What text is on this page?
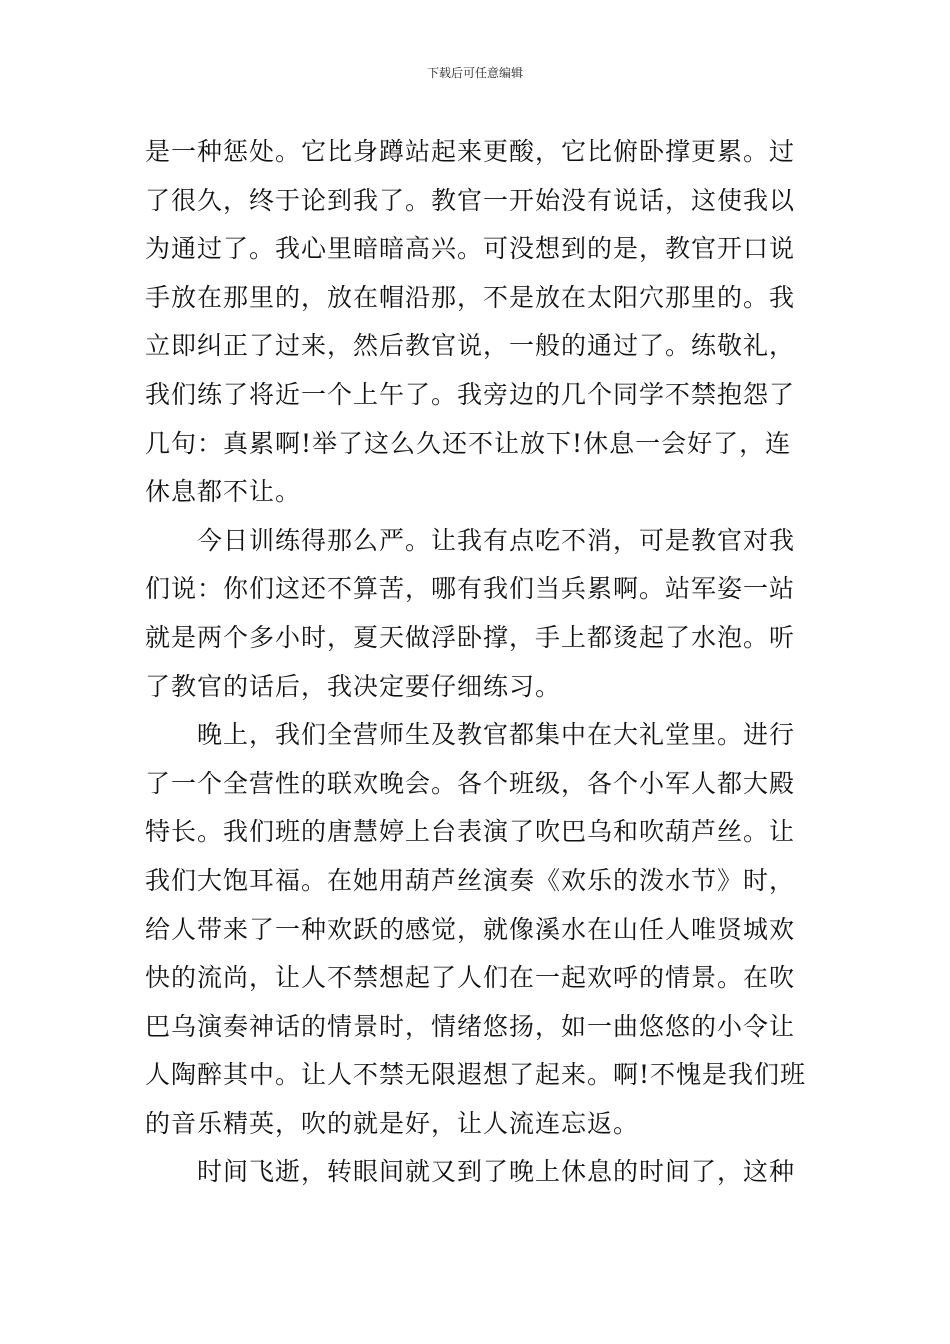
下载后可任意编辑
是一种惩处。它比身蹲站起来更酸，它比俯卧撑更累。过
了很久，终于论到我了。教官一开始没有说话，这使我以
为通过了。我心里暗暗高兴。可没想到的是，教官开口说
手放在那里的，放在帽沿那，不是放在太阳穴那里的。我
立即纠正了过来，然后教官说，一般的通过了。练敬礼，
我们练了将近一个上午了。我旁边的几个同学不禁抱怨了
几句：真累啊!举了这么久还不让放下!休息一会好了，连
休息都不让。
今日训练得那么严。让我有点吃不消，可是教官对我
们说：你们这还不算苦，哪有我们当兵累啊。站军姿一站
就是两个多小时，夏天做浮卧撑，手上都烫起了水泡。听
了教官的话后，我决定要仔细练习。
晚上，我们全营师生及教官都集中在大礼堂里。进行
了一个全营性的联欢晚会。各个班级，各个小军人都大殿
特长。我们班的唐慧婷上台表演了吹巴乌和吹葫芦丝。让
我们大饱耳福。在她用葫芦丝演奏《欢乐的泼水节》时，
给人带来了一种欢跃的感觉，就像溪水在山任人唯贤城欢
快的流尚，让人不禁想起了人们在一起欢呼的情景。在吹
巴乌演奏神话的情景时，情绪悠扬，如一曲悠悠的小令让
人陶醉其中。让人不禁无限遐想了起来。啊!不愧是我们班
的音乐精英，吹的就是好，让人流连忘返。
时间飞逝，转眼间就又到了晚上休息的时间了，这种
